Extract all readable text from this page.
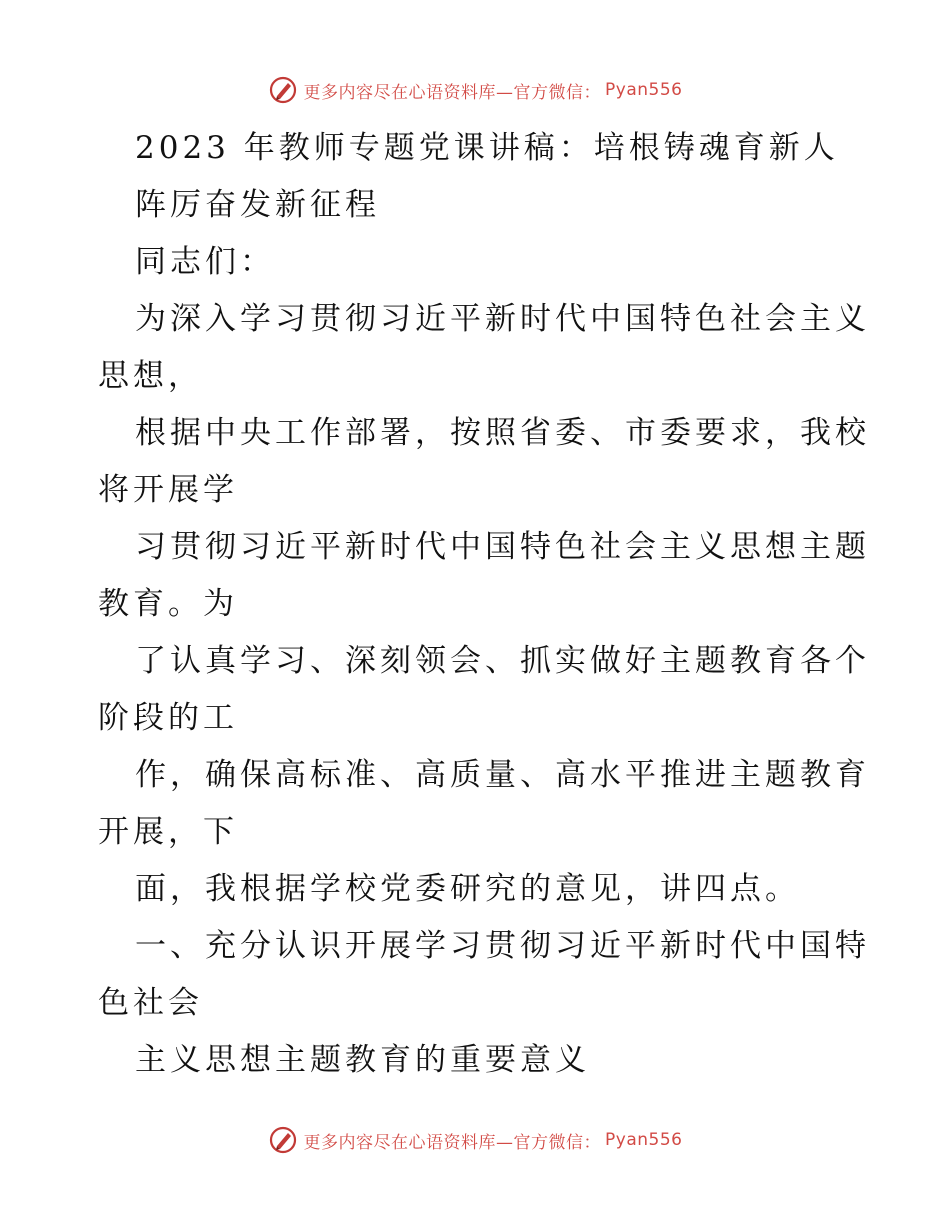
更多内容尽在心语资料库—官方微信： Pyan556
2023 年教师专题党课讲稿：培根铸魂育新人
阵厉奋发新征程
同志们：
为深入学习贯彻习近平新时代中国特色社会主义
思想，
根据中央工作部署，按照省委、市委要求，我校
将开展学
习贯彻习近平新时代中国特色社会主义思想主题
教育。为
了认真学习、深刻领会、抓实做好主题教育各个
阶段的工
作，确保高标准、高质量、高水平推进主题教育
开展，下
面，我根据学校党委研究的意见，讲四点。
一、充分认识开展学习贯彻习近平新时代中国特
色社会
主义思想主题教育的重要意义
更多内容尽在心语资料库—官方微信： Pyan556
